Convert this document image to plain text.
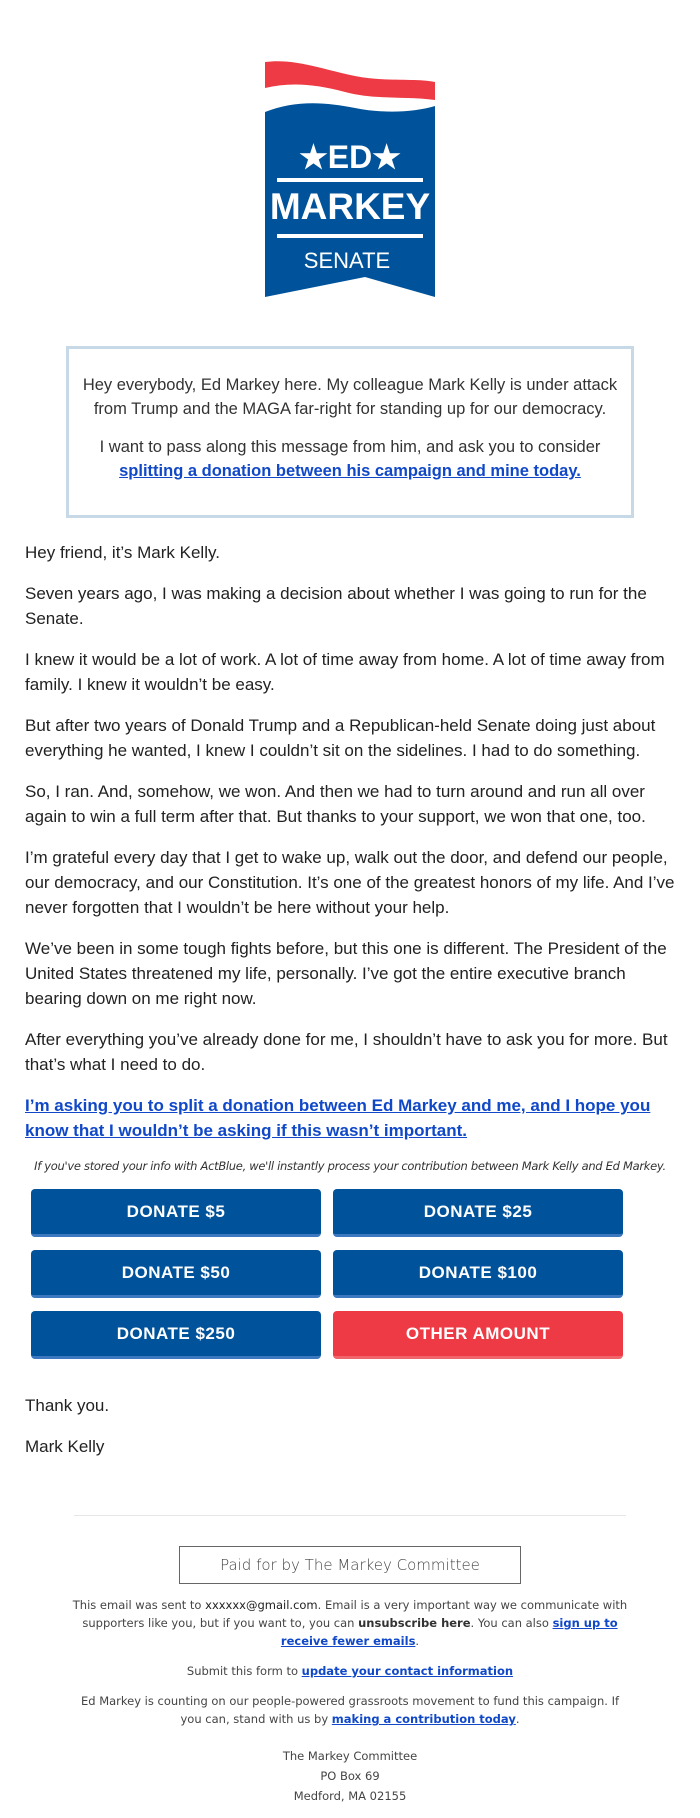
★ED★
MARKEY
SENATE

Hey everybody, Ed Markey here. My colleague Mark Kelly is under attack from Trump and the MAGA far-right for standing up for our democracy.

I want to pass along this message from him, and ask you to consider splitting a donation between his campaign and mine today.

Hey friend, it’s Mark Kelly.

Seven years ago, I was making a decision about whether I was going to run for the Senate.

I knew it would be a lot of work. A lot of time away from home. A lot of time away from family. I knew it wouldn’t be easy.

But after two years of Donald Trump and a Republican-held Senate doing just about everything he wanted, I knew I couldn’t sit on the sidelines. I had to do something.

So, I ran. And, somehow, we won. And then we had to turn around and run all over again to win a full term after that. But thanks to your support, we won that one, too.

I’m grateful every day that I get to wake up, walk out the door, and defend our people, our democracy, and our Constitution. It’s one of the greatest honors of my life. And I’ve never forgotten that I wouldn’t be here without your help.

We’ve been in some tough fights before, but this one is different. The President of the United States threatened my life, personally. I’ve got the entire executive branch bearing down on me right now.

After everything you’ve already done for me, I shouldn’t have to ask you for more. But that’s what I need to do.

I’m asking you to split a donation between Ed Markey and me, and I hope you know that I wouldn’t be asking if this wasn’t important.

If you've stored your info with ActBlue, we'll instantly process your contribution between Mark Kelly and Ed Markey.

DONATE $5	DONATE $25
DONATE $50	DONATE $100
DONATE $250	OTHER AMOUNT

Thank you.

Mark Kelly

Paid for by The Markey Committee

This email was sent to xxxxxx@gmail.com. Email is a very important way we communicate with supporters like you, but if you want to, you can unsubscribe here. You can also sign up to receive fewer emails.

Submit this form to update your contact information

Ed Markey is counting on our people-powered grassroots movement to fund this campaign. If you can, stand with us by making a contribution today.

The Markey Committee
PO Box 69
Medford, MA 02155
